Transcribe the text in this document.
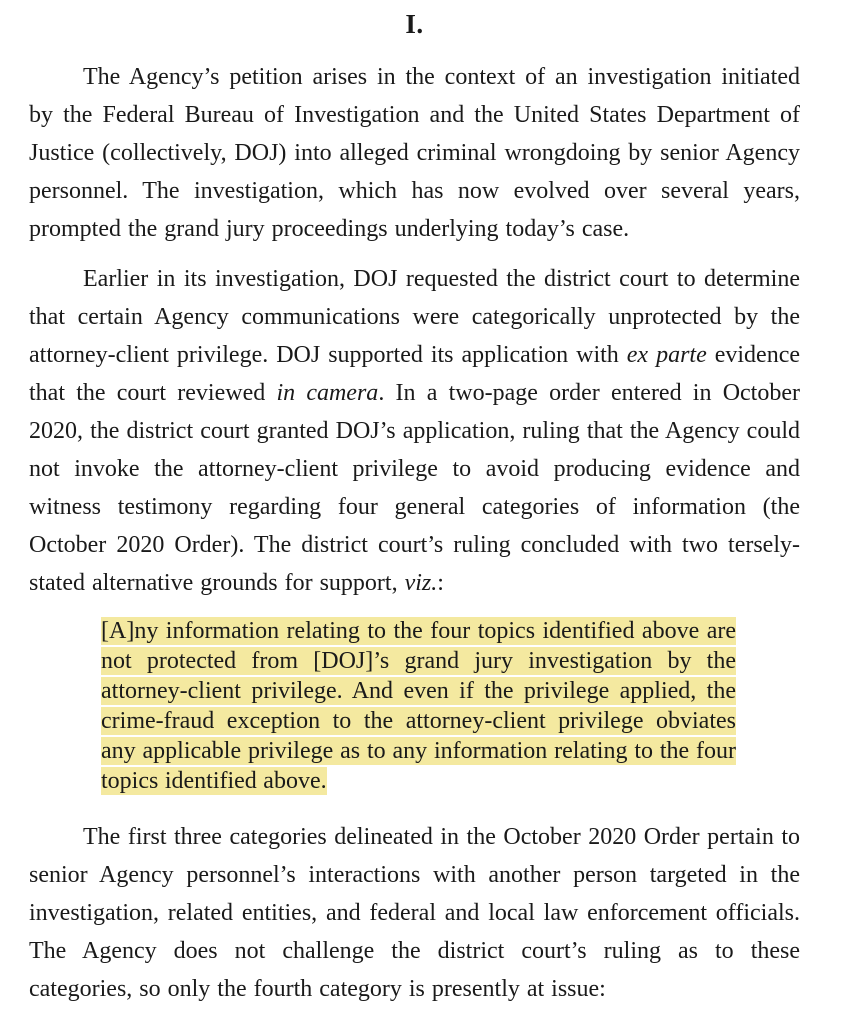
I.

The Agency’s petition arises in the context of an investigation initiated by the Federal Bureau of Investigation and the United States Department of Justice (collectively, DOJ) into alleged criminal wrongdoing by senior Agency personnel. The investigation, which has now evolved over several years, prompted the grand jury proceedings underlying today’s case.

Earlier in its investigation, DOJ requested the district court to determine that certain Agency communications were categorically unprotected by the attorney-client privilege. DOJ supported its application with ex parte evidence that the court reviewed in camera. In a two-page order entered in October 2020, the district court granted DOJ’s application, ruling that the Agency could not invoke the attorney-client privilege to avoid producing evidence and witness testimony regarding four general categories of information (the October 2020 Order). The district court’s ruling concluded with two tersely-stated alternative grounds for support, viz.:

[A]ny information relating to the four topics identified above are not protected from [DOJ]’s grand jury investigation by the attorney-client privilege. And even if the privilege applied, the crime-fraud exception to the attorney-client privilege obviates any applicable privilege as to any information relating to the four topics identified above.

The first three categories delineated in the October 2020 Order pertain to senior Agency personnel’s interactions with another person targeted in the investigation, related entities, and federal and local law enforcement officials. The Agency does not challenge the district court’s ruling as to these categories, so only the fourth category is presently at issue:
